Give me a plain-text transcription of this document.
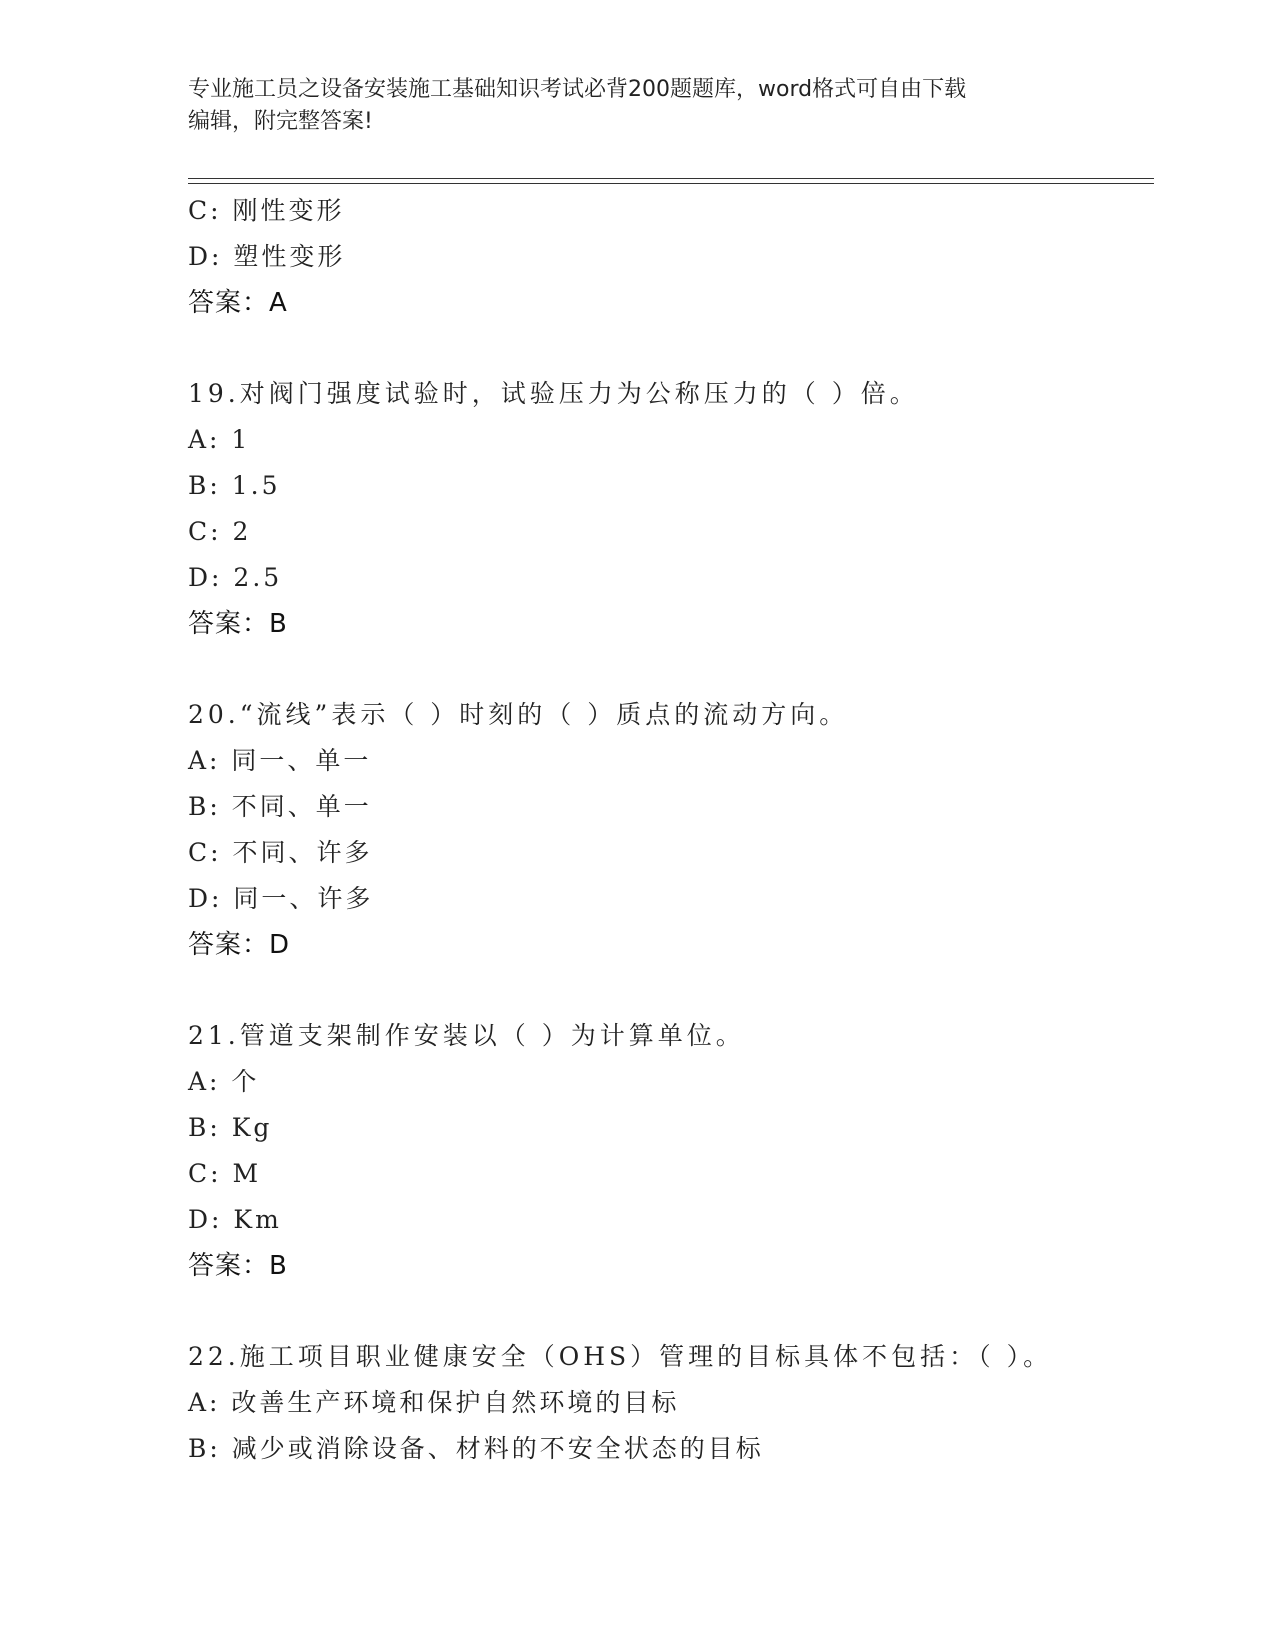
专业施工员之设备安装施工基础知识考试必背200题题库，word格式可自由下载
编辑，附完整答案!
C: 刚性变形
D: 塑性变形
答案：A
19.对阀门强度试验时，试验压力为公称压力的（ ）倍。
A: 1
B: 1.5
C: 2
D: 2.5
答案：B
20.“流线”表示（ ）时刻的（ ）质点的流动方向。
A: 同一、单一
B: 不同、单一
C: 不同、许多
D: 同一、许多
答案：D
21.管道支架制作安装以（ ）为计算单位。
A: 个
B: Kg
C: M
D: Km
答案：B
22.施工项目职业健康安全（OHS）管理的目标具体不包括：（ ）。
A: 改善生产环境和保护自然环境的目标
B: 减少或消除设备、材料的不安全状态的目标
